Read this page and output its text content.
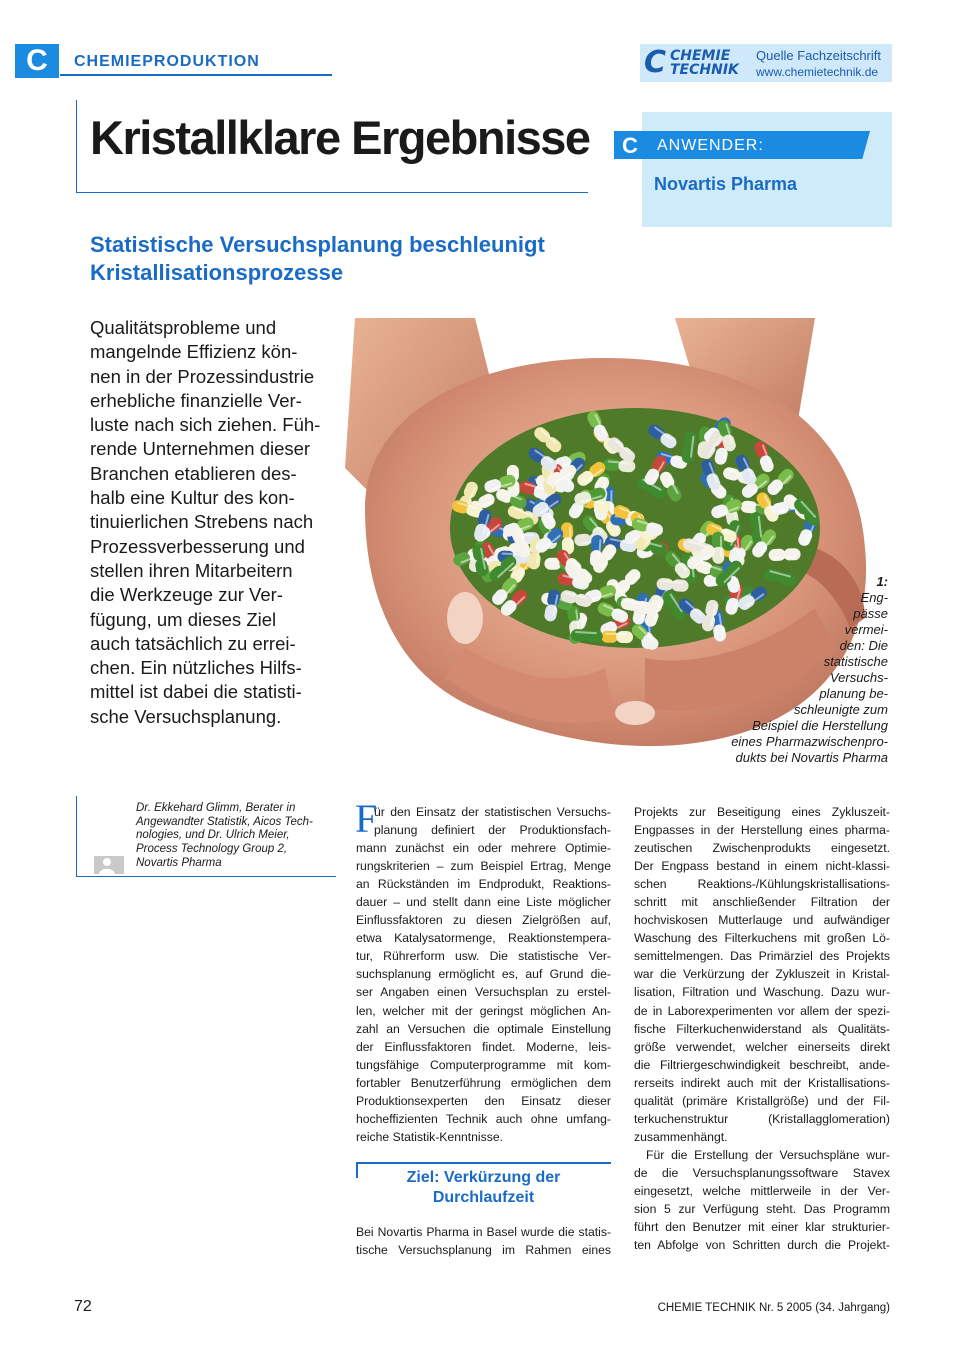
C	CHEMIEPRODUKTION	C CHEMIE
TECHNIK
Quelle Fachzeitschrift
www.chemietechnik.de
Kristallklare Ergebnisse C ANWENDER:
Novartis Pharma
Statistische Versuchsplanung beschleunigt
Kristallisationsprozesse
Qualitätsprobleme und
mangelnde Effizienz kön-
nen in der Prozessindustrie
erhebliche finanzielle Ver-
luste nach sich ziehen. Füh-
rende Unternehmen dieser
Branchen etablieren des-
halb eine Kultur des kon-
tinuierlichen Strebens nach
Prozessverbesserung und
stellen ihren Mitarbeitern
die Werkzeuge zur Ver-
fügung, um dieses Ziel
auch tatsächlich zu errei-
chen. Ein nützliches Hilfs-
mittel ist dabei die statisti-
sche Versuchsplanung.
1:
Eng-
pässe
vermei-
den: Die
statistische
Versuchs-
planung be-
schleunigte zum
Beispiel die Herstellung
eines Pharmazwischenpro-
dukts bei Novartis Pharma
Dr. Ekkehard Glimm, Berater in
Angewandter Statistik, Aicos Tech-
nologies, und Dr. Ulrich Meier,
Process Technology Group 2,
Novartis Pharma
F
ür den Einsatz der statistischen Versuchs-
planung definiert der Produktionsfach-
mann zunächst ein oder mehrere Optimie-
rungskriterien – zum Beispiel Ertrag, Menge
an Rückständen im Endprodukt, Reaktions-
dauer – und stellt dann eine Liste möglicher
Einflussfaktoren zu diesen Zielgrößen auf,
etwa Katalysatormenge, Reaktionstempera-
tur, Rührerform usw. Die statistische Ver-
suchsplanung ermöglicht es, auf Grund die-
ser Angaben einen Versuchsplan zu erstel-
len, welcher mit der geringst möglichen An-
zahl an Versuchen die optimale Einstellung
der Einflussfaktoren findet. Moderne, leis-
tungsfähige Computerprogramme mit kom-
fortabler Benutzerführung ermöglichen dem
Produktionsexperten den Einsatz dieser
hocheffizienten Technik auch ohne umfang-
reiche Statistik-Kenntnisse.
Ziel: Verkürzung der
Durchlaufzeit
Bei Novartis Pharma in Basel wurde die statis-
tische Versuchsplanung im Rahmen eines
Projekts zur Beseitigung eines Zykluszeit-
Engpasses in der Herstellung eines pharma-
zeutischen Zwischenprodukts eingesetzt.
Der Engpass bestand in einem nicht-klassi-
schen Reaktions-/Kühlungskristallisations-
schritt mit anschließender Filtration der
hochviskosen Mutterlauge und aufwändiger
Waschung des Filterkuchens mit großen Lö-
semittelmengen. Das Primärziel des Projekts
war die Verkürzung der Zykluszeit in Kristal-
lisation, Filtration und Waschung. Dazu wur-
de in Laborexperimenten vor allem der spezi-
fische Filterkuchenwiderstand als Qualitäts-
größe verwendet, welcher einerseits direkt
die Filtriergeschwindigkeit beschreibt, ande-
rerseits indirekt auch mit der Kristallisations-
qualität (primäre Kristallgröße) und der Fil-
terkuchenstruktur (Kristallagglomeration)
zusammenhängt.
Für die Erstellung der Versuchspläne wur-
de die Versuchsplanungssoftware Stavex
eingesetzt, welche mittlerweile in der Ver-
sion 5 zur Verfügung steht. Das Programm
führt den Benutzer mit einer klar strukturier-
ten Abfolge von Schritten durch die Projekt-
72	CHEMIE TECHNIK Nr. 5 2005 (34. Jahrgang)
